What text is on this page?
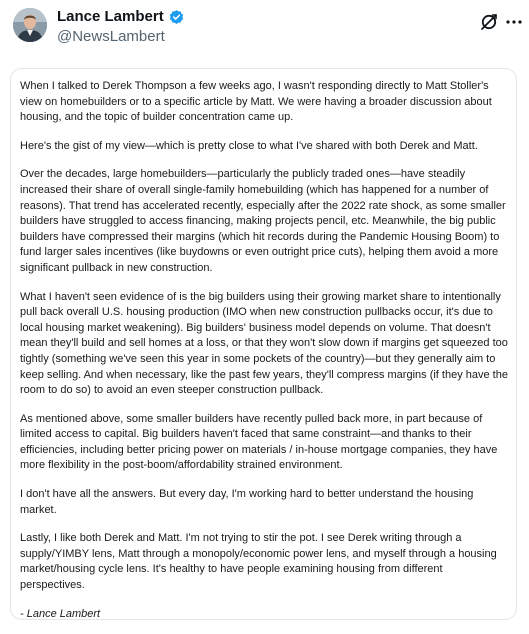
Lance Lambert
@NewsLambert

When I talked to Derek Thompson a few weeks ago, I wasn't responding directly to Matt Stoller's view on homebuilders or to a specific article by Matt. We were having a broader discussion about housing, and the topic of builder concentration came up.

Here's the gist of my view—which is pretty close to what I've shared with both Derek and Matt.

Over the decades, large homebuilders—particularly the publicly traded ones—have steadily increased their share of overall single-family homebuilding (which has happened for a number of reasons). That trend has accelerated recently, especially after the 2022 rate shock, as some smaller builders have struggled to access financing, making projects pencil, etc. Meanwhile, the big public builders have compressed their margins (which hit records during the Pandemic Housing Boom) to fund larger sales incentives (like buydowns or even outright price cuts), helping them avoid a more significant pullback in new construction.

What I haven't seen evidence of is the big builders using their growing market share to intentionally pull back overall U.S. housing production (IMO when new construction pullbacks occur, it's due to local housing market weakening). Big builders' business model depends on volume. That doesn't mean they'll build and sell homes at a loss, or that they won't slow down if margins get squeezed too tightly (something we've seen this year in some pockets of the country)—but they generally aim to keep selling. And when necessary, like the past few years, they'll compress margins (if they have the room to do so) to avoid an even steeper construction pullback.

As mentioned above, some smaller builders have recently pulled back more, in part because of limited access to capital. Big builders haven't faced that same constraint—and thanks to their efficiencies, including better pricing power on materials / in-house mortgage companies, they have more flexibility in the post-boom/affordability strained environment.

I don't have all the answers. But every day, I'm working hard to better understand the housing market.

Lastly, I like both Derek and Matt. I'm not trying to stir the pot. I see Derek writing through a supply/YIMBY lens, Matt through a monopoly/economic power lens, and myself through a housing market/housing cycle lens. It's healthy to have people examining housing from different perspectives.

- Lance Lambert
